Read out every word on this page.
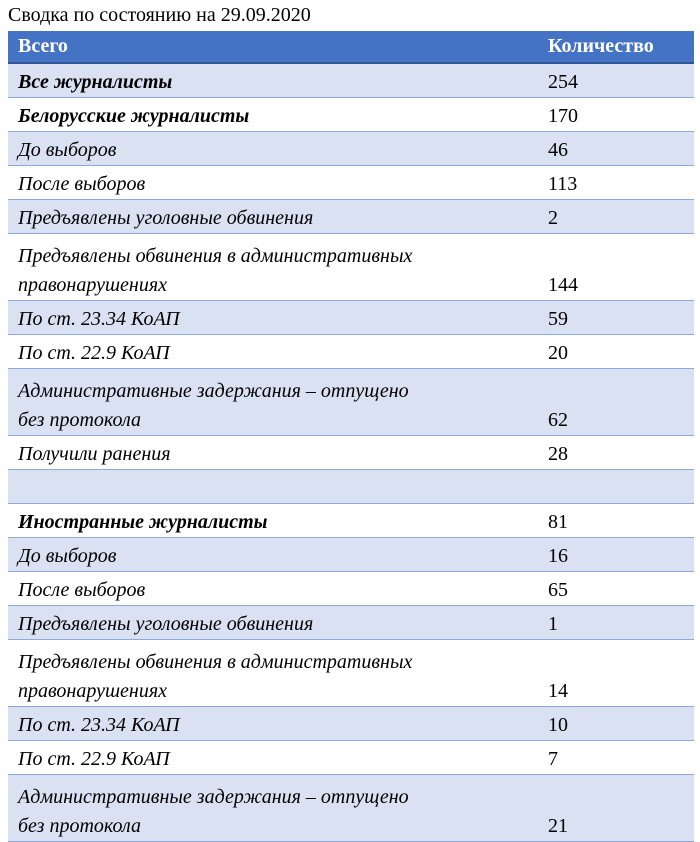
Сводка по состоянию на 29.09.2020
Всего	Количество
Все журналисты	254
Белорусские журналисты	170
До выборов	46
После выборов	113
Предъявлены уголовные обвинения	2
Предъявлены обвинения в административных
правонарушениях	144
По ст. 23.34 КоАП	59
По ст. 22.9 КоАП	20
Административные задержания – отпущено
без протокола	62
Получили ранения	28

Иностранные журналисты	81
До выборов	16
После выборов	65
Предъявлены уголовные обвинения	1
Предъявлены обвинения в административных
правонарушениях	14
По ст. 23.34 КоАП	10
По ст. 22.9 КоАП	7
Административные задержания – отпущено
без протокола	21
